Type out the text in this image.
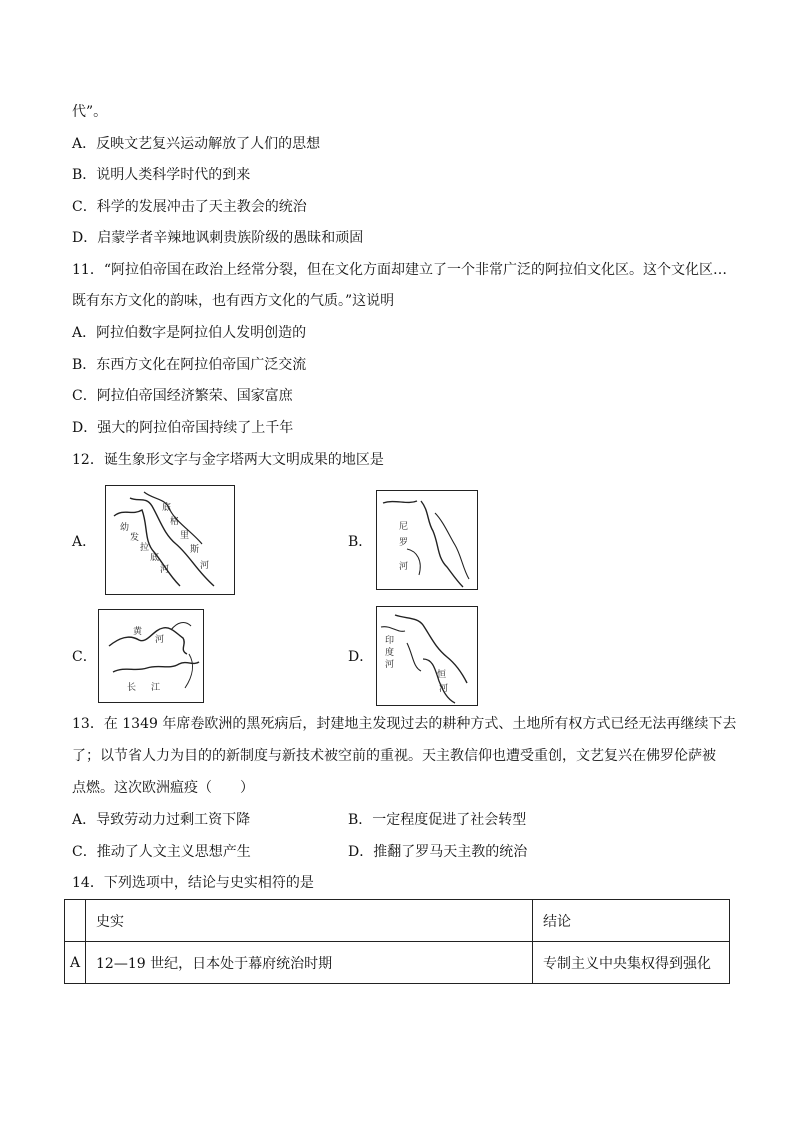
代”。
A．反映文艺复兴运动解放了人们的思想
B．说明人类科学时代的到来
C．科学的发展冲击了天主教会的统治
D．启蒙学者辛辣地讽刺贵族阶级的愚昧和顽固
11．“阿拉伯帝国在政治上经常分裂，但在文化方面却建立了一个非常广泛的阿拉伯文化区。这个文化区…
既有东方文化的韵味，也有西方文化的气质。”这说明
A．阿拉伯数字是阿拉伯人发明创造的
B．东西方文化在阿拉伯帝国广泛交流
C．阿拉伯帝国经济繁荣、国家富庶
D．强大的阿拉伯帝国持续了上千年
12．诞生象形文字与金字塔两大文明成果的地区是
A．	B．
C．	D．
幼
发
拉
底
河
底
格
里
斯
河
尼
罗
河
黄
河
长 江
印
度
河
恒
河
13．在 1349 年席卷欧洲的黑死病后，封建地主发现过去的耕种方式、土地所有权方式已经无法再继续下去
了；以节省人力为目的的新制度与新技术被空前的重视。天主教信仰也遭受重创，文艺复兴在佛罗伦萨被
点燃。这次欧洲瘟疫（　　）
A．导致劳动力过剩工资下降	B．一定程度促进了社会转型
C．推动了人文主义思想产生	D．推翻了罗马天主教的统治
14．下列选项中，结论与史实相符的是
	史实	结论
A	12—19 世纪，日本处于幕府统治时期	专制主义中央集权得到强化
